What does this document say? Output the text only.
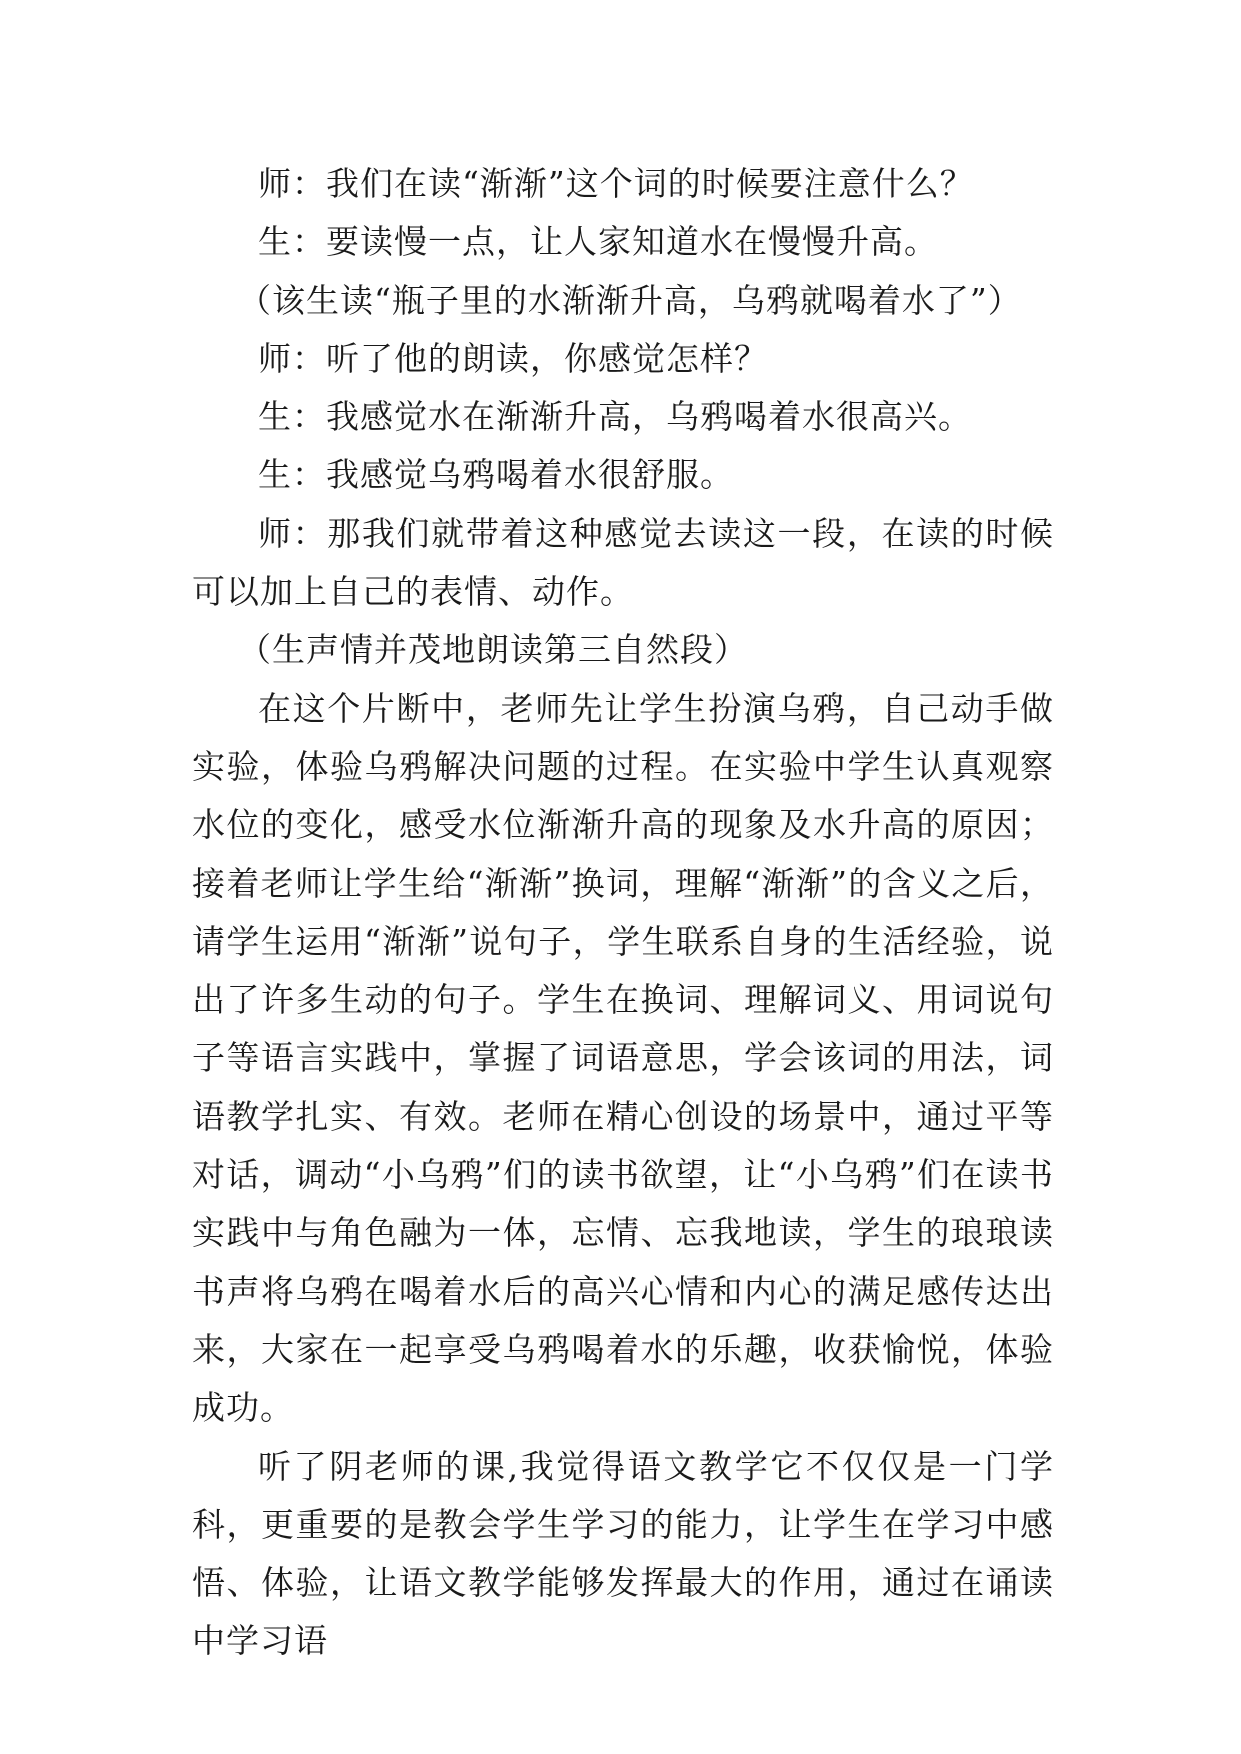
师：我们在读“渐渐”这个词的时候要注意什么？

生：要读慢一点，让人家知道水在慢慢升高。

（该生读“瓶子里的水渐渐升高，乌鸦就喝着水了”）

师：听了他的朗读，你感觉怎样？

生：我感觉水在渐渐升高，乌鸦喝着水很高兴。

生：我感觉乌鸦喝着水很舒服。

师：那我们就带着这种感觉去读这一段，在读的时候可以加上自己的表情、动作。

（生声情并茂地朗读第三自然段）

在这个片断中，老师先让学生扮演乌鸦，自己动手做实验，体验乌鸦解决问题的过程。在实验中学生认真观察水位的变化，感受水位渐渐升高的现象及水升高的原因；接着老师让学生给“渐渐”换词，理解“渐渐”的含义之后，请学生运用“渐渐”说句子，学生联系自身的生活经验，说出了许多生动的句子。学生在换词、理解词义、用词说句子等语言实践中，掌握了词语意思，学会该词的用法，词语教学扎实、有效。老师在精心创设的场景中，通过平等对话，调动“小乌鸦”们的读书欲望，让“小乌鸦”们在读书实践中与角色融为一体，忘情、忘我地读，学生的琅琅读书声将乌鸦在喝着水后的高兴心情和内心的满足感传达出来，大家在一起享受乌鸦喝着水的乐趣，收获愉悦，体验成功。

听了阴老师的课,我觉得语文教学它不仅仅是一门学科，更重要的是教会学生学习的能力，让学生在学习中感悟、体验，让语文教学能够发挥最大的作用，通过在诵读中学习语
